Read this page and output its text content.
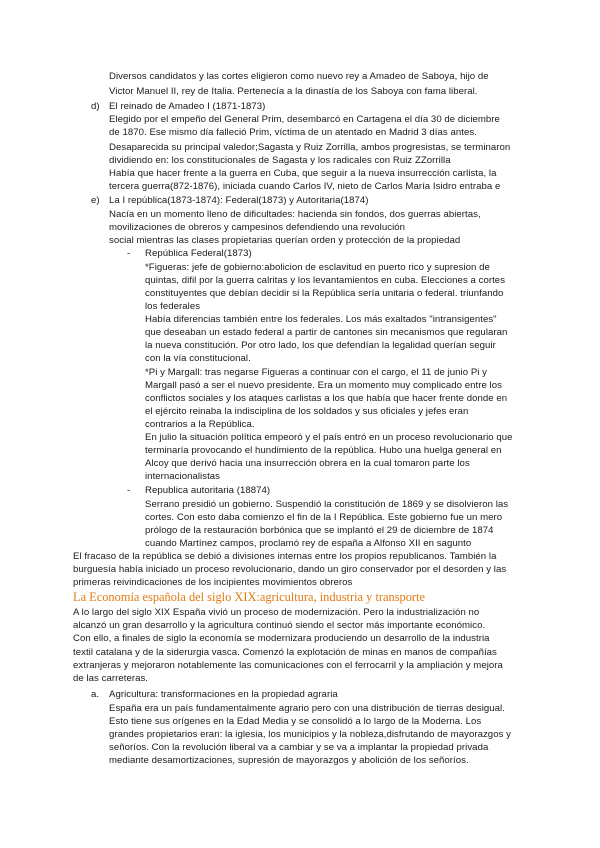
Diversos candidatos y las cortes eligieron como nuevo rey a Amadeo de Saboya, hijo de
Victor Manuel II, rey de Italia. Pertenecía a la dinastía de los Saboya con fama liberal.
d) El reinado de Amadeo I (1871-1873)
Elegido por el empeño del General Prim, desembarcó en Cartagena el día 30 de diciembre
de 1870. Ese mismo día falleció Prim, víctima de un atentado en Madrid 3 días antes.
Desaparecida su principal valedor;Sagasta y Ruiz Zorrilla, ambos progresistas, se terminaron
dividiendo en: los constitucionales de Sagasta y los radicales con Ruiz ZZorrilla
Había que hacer frente a la guerra en Cuba, que seguir a la nueva insurrección carlista, la
tercera guerra(872-1876), iniciada cuando Carlos IV, nieto de Carlos María Isidro entraba e
e) La I república(1873-1874): Federal(1873) y Autoritaria(1874)
Nacía en un momento lleno de dificultades: hacienda sin fondos, dos guerras abiertas,
movilizaciones de obreros y campesinos defendiendo una revolución
social mientras las clases propietarias querían orden y protección de la propiedad
- República Federal(1873)
*Figueras: jefe de gobierno:abolicion de esclavitud en puerto rico y supresion de
quintas, difil por la guerra calritas y los levantamientos en cuba. Elecciones a cortes
constituyentes que debían decidir si la República sería unitaria o federal. triunfando
los federales
Había diferencias también entre los federales. Los más exaltados "intransigentes"
que deseaban un estado federal a partir de cantones sin mecanismos que regularan
la nueva constitución. Por otro lado, los que defendían la legalidad querían seguir
con la vía constitucional.
*Pi y Margall: tras negarse Figueras a continuar con el cargo, el 11 de junio Pi y
Margall pasó a ser el nuevo presidente. Era un momento muy complicado entre los
conflictos sociales y los ataques carlistas a los que había que hacer frente donde en
el ejército reinaba la indisciplina de los soldados y sus oficiales y jefes eran
contrarios a la República.
En julio la situación política empeoró y el país entró en un proceso revolucionario que
terminaría provocando el hundimiento de la república. Hubo una huelga general en
Alcoy que derivó hacia una insurrección obrera en la cual tomaron parte los
internacionalistas
- Republica autoritaria (18874)
Serrano presidió un gobierno. Suspendió la constitución de 1869 y se disolvieron las
cortes. Con esto daba comienzo el fin de la I República. Este gobierno fue un mero
prólogo de la restauración borbónica que se implantó el 29 de diciembre de 1874
cuando Martínez campos, proclamó rey de españa a Alfonso XII en sagunto
El fracaso de la república se debió a divisiones internas entre los propios republicanos. También la
burguesía había iniciado un proceso revolucionario, dando un giro conservador por el desorden y las
primeras reivindicaciones de los incipientes movimientos obreros
La Economía española del siglo XIX:agricultura, industria y transporte
A lo largo del siglo XIX España vivió un proceso de modernización. Pero la industrialización no
alcanzó un gran desarrollo y la agricultura continuó siendo el sector más importante económico.
Con ello, a finales de siglo la economía se modernizara produciendo un desarrollo de la industria
textil catalana y de la siderurgia vasca. Comenzó la explotación de minas en manos de compañías
extranjeras y mejoraron notablemente las comunicaciones con el ferrocarril y la ampliación y mejora
de las carreteras.
a. Agricultura: transformaciones en la propiedad agraria
España era un país fundamentalmente agrario pero con una distribución de tierras desigual.
Esto tiene sus orígenes en la Edad Media y se consolidó a lo largo de la Moderna. Los
grandes propietarios eran: la iglesia, los municipios y la nobleza,disfrutando de mayorazgos y
señoríos. Con la revolución liberal va a cambiar y se va a implantar la propiedad privada
mediante desamortizaciones, supresión de mayorazgos y abolición de los señoríos.
